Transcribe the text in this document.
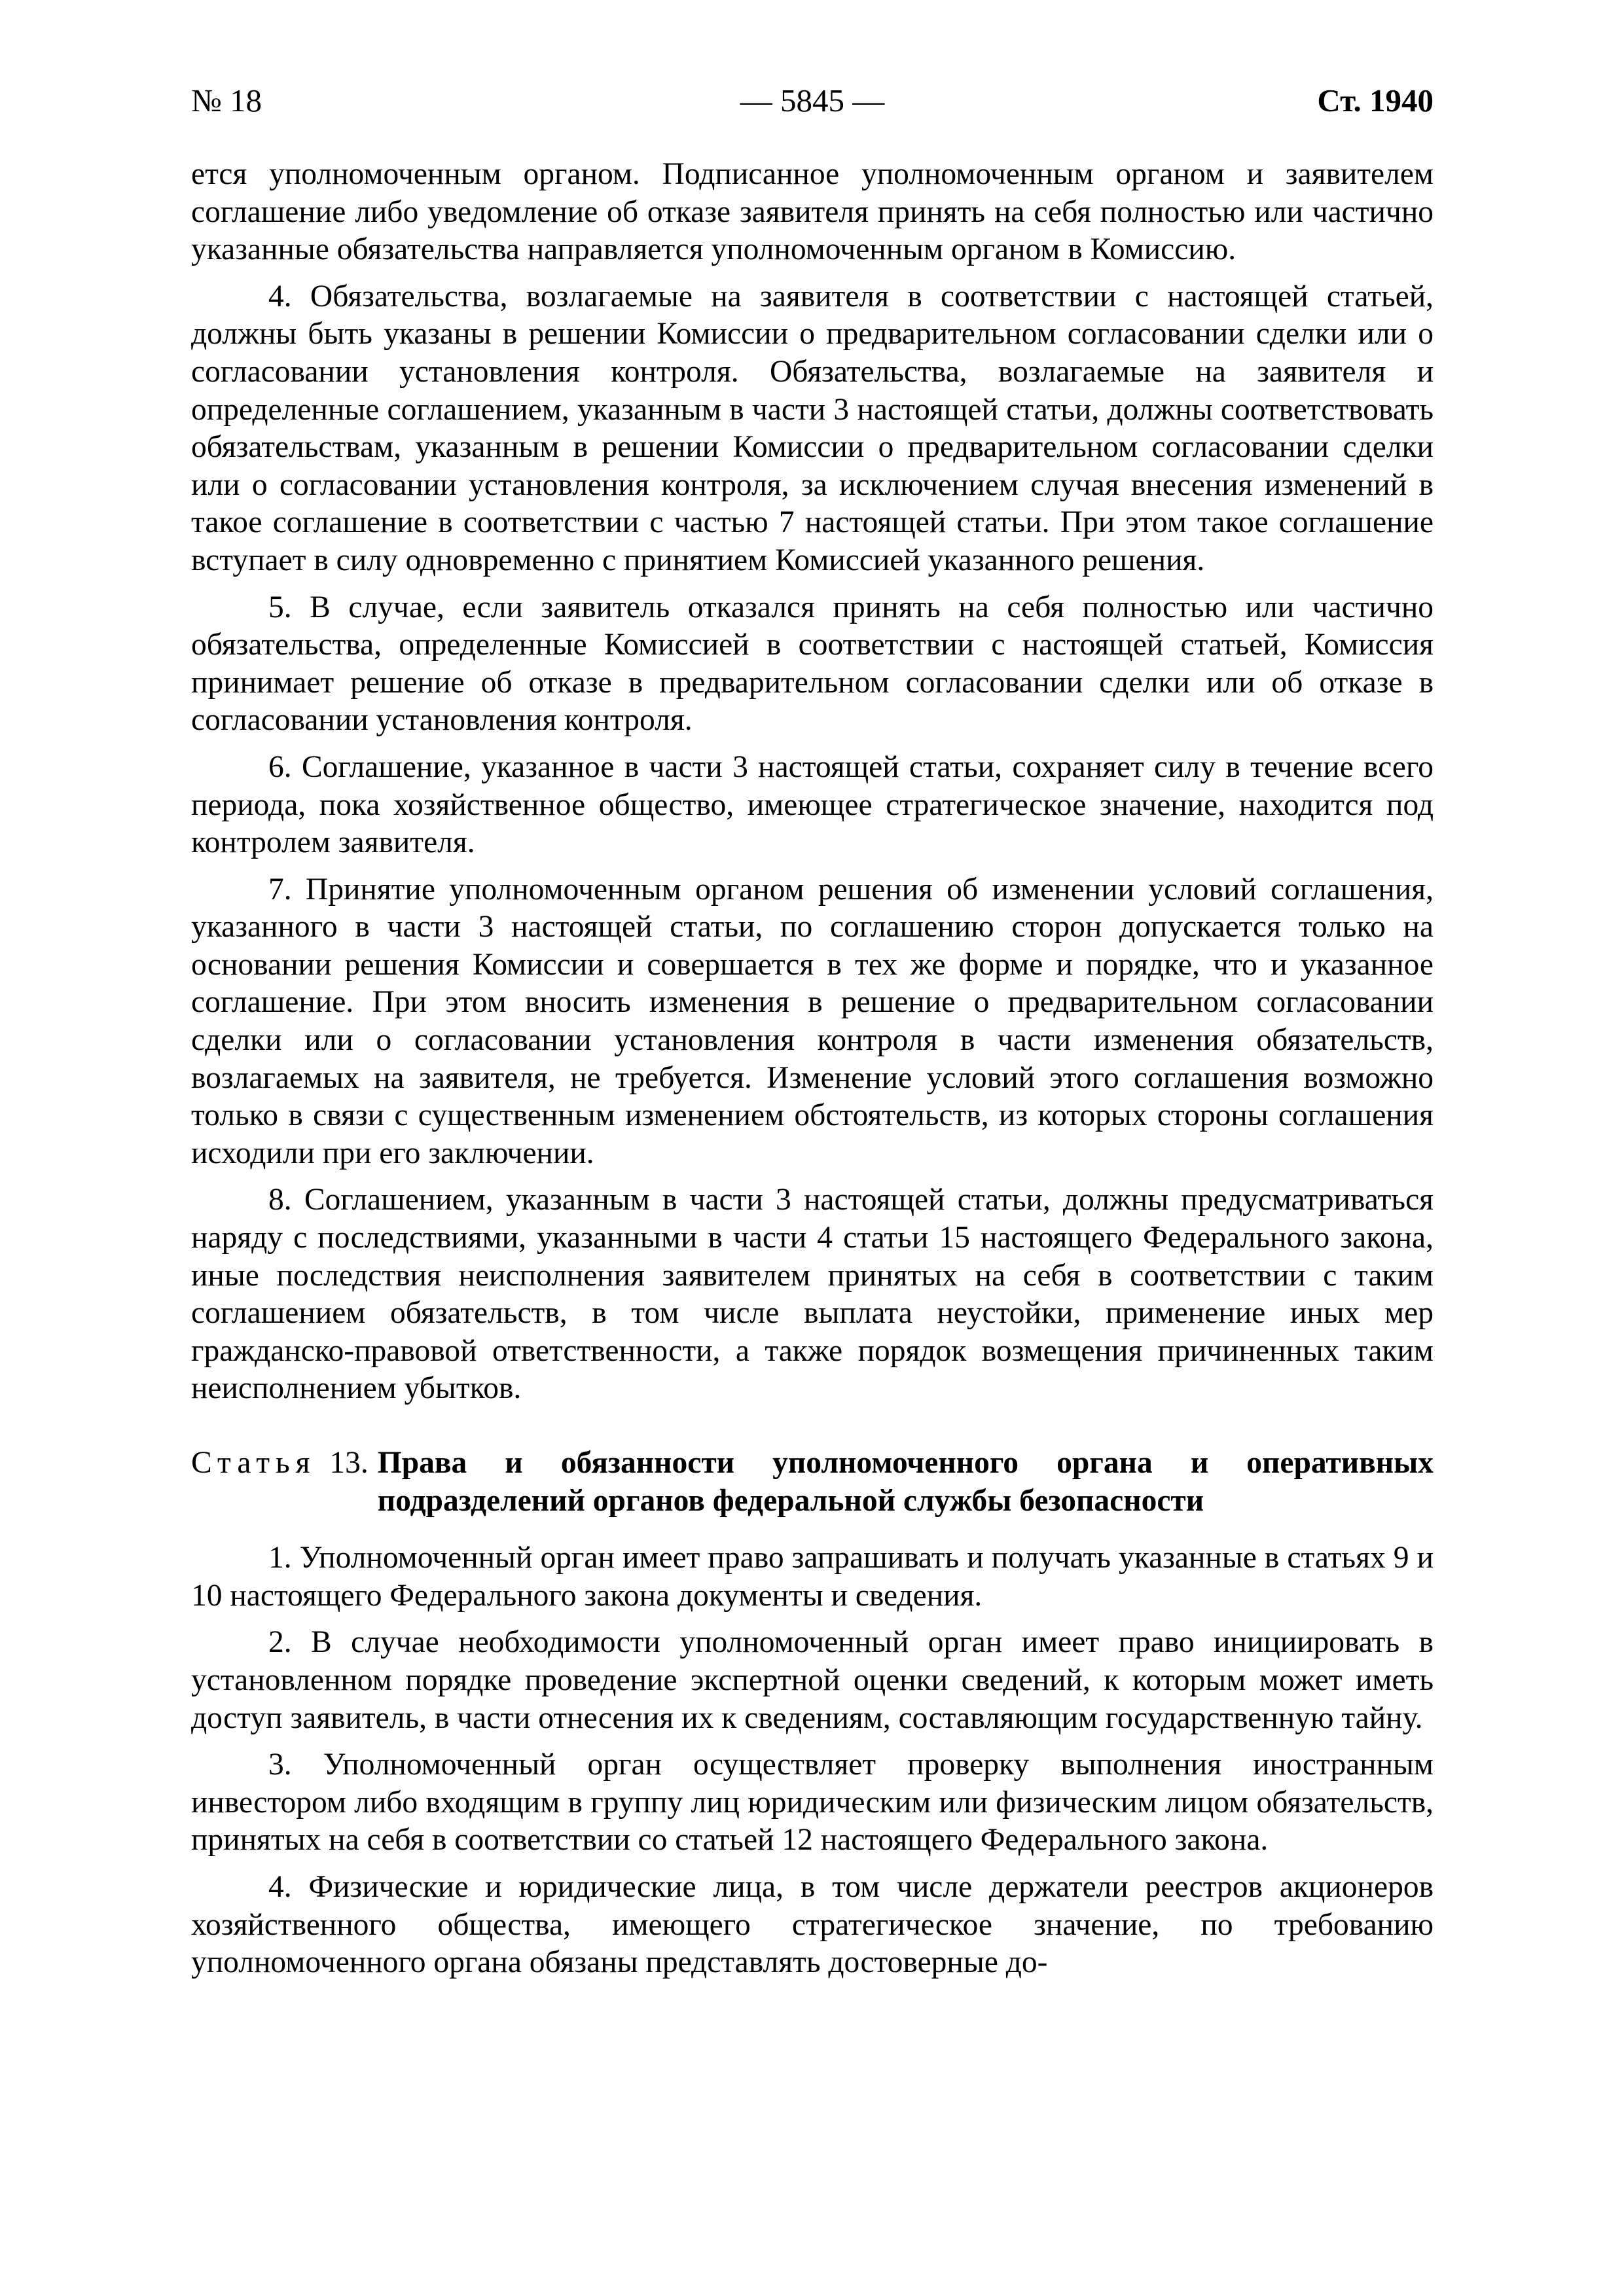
№ 18	— 5845 —	Ст. 1940

ется уполномоченным органом. Подписанное уполномоченным органом и заявителем соглашение либо уведомление об отказе заявителя принять на себя полностью или частично указанные обязательства направляется уполномоченным органом в Комиссию.

4. Обязательства, возлагаемые на заявителя в соответствии с настоящей статьей, должны быть указаны в решении Комиссии о предварительном согласовании сделки или о согласовании установления контроля. Обязательства, возлагаемые на заявителя и определенные соглашением, указанным в части 3 настоящей статьи, должны соответствовать обязательствам, указанным в решении Комиссии о предварительном согласовании сделки или о согласовании установления контроля, за исключением случая внесения изменений в такое соглашение в соответствии с частью 7 настоящей статьи. При этом такое соглашение вступает в силу одновременно с принятием Комиссией указанного решения.

5. В случае, если заявитель отказался принять на себя полностью или частично обязательства, определенные Комиссией в соответствии с настоящей статьей, Комиссия принимает решение об отказе в предварительном согласовании сделки или об отказе в согласовании установления контроля.

6. Соглашение, указанное в части 3 настоящей статьи, сохраняет силу в течение всего периода, пока хозяйственное общество, имеющее стратегическое значение, находится под контролем заявителя.

7. Принятие уполномоченным органом решения об изменении условий соглашения, указанного в части 3 настоящей статьи, по соглашению сторон допускается только на основании решения Комиссии и совершается в тех же форме и порядке, что и указанное соглашение. При этом вносить изменения в решение о предварительном согласовании сделки или о согласовании установления контроля в части изменения обязательств, возлагаемых на заявителя, не требуется. Изменение условий этого соглашения возможно только в связи с существенным изменением обстоятельств, из которых стороны соглашения исходили при его заключении.

8. Соглашением, указанным в части 3 настоящей статьи, должны предусматриваться наряду с последствиями, указанными в части 4 статьи 15 настоящего Федерального закона, иные последствия неисполнения заявителем принятых на себя в соответствии с таким соглашением обязательств, в том числе выплата неустойки, применение иных мер гражданско-правовой ответственности, а также порядок возмещения причиненных таким неисполнением убытков.

Статья 13. Права и обязанности уполномоченного органа и оперативных подразделений органов федеральной службы безопасности

1. Уполномоченный орган имеет право запрашивать и получать указанные в статьях 9 и 10 настоящего Федерального закона документы и сведения.

2. В случае необходимости уполномоченный орган имеет право инициировать в установленном порядке проведение экспертной оценки сведений, к которым может иметь доступ заявитель, в части отнесения их к сведениям, составляющим государственную тайну.

3. Уполномоченный орган осуществляет проверку выполнения иностранным инвестором либо входящим в группу лиц юридическим или физическим лицом обязательств, принятых на себя в соответствии со статьей 12 настоящего Федерального закона.

4. Физические и юридические лица, в том числе держатели реестров акционеров хозяйственного общества, имеющего стратегическое значение, по требованию уполномоченного органа обязаны представлять достоверные до-
